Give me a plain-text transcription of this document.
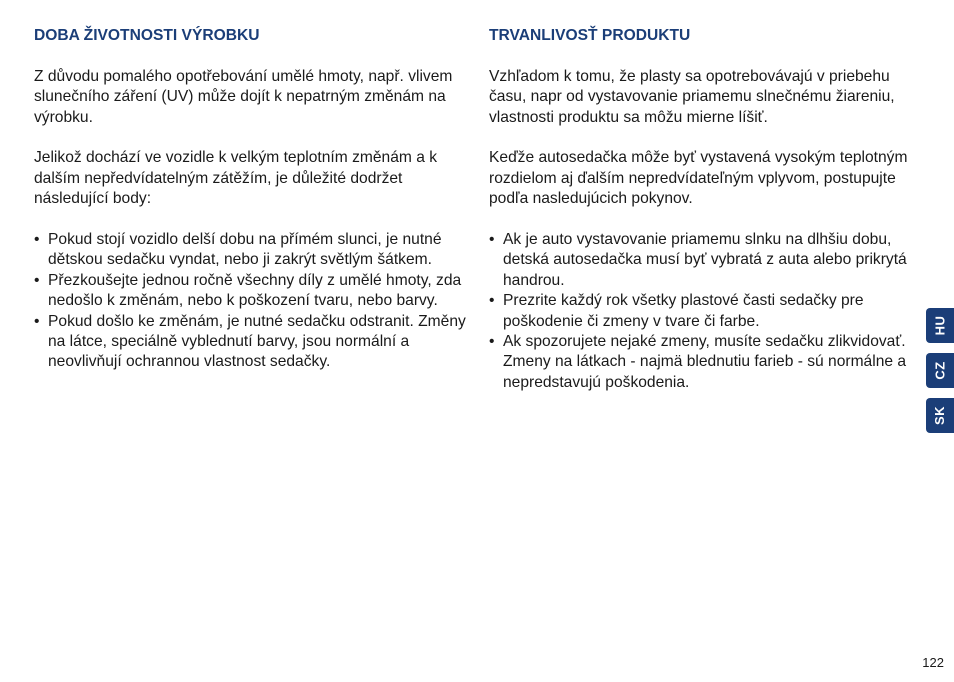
DOBA ŽIVOTNOSTI VÝROBKU
Z důvodu pomalého opotřebování umělé hmoty, např. vlivem slunečního záření (UV) může dojít k nepatrným změnám na výrobku.
Jelikož dochází ve vozidle k velkým teplotním změnám a k dalším nepředvídatelným zátěžím, je důležité dodržet následující body:
• Pokud stojí vozidlo delší dobu na přímém slunci, je nutné dětskou sedačku vyndat, nebo ji zakrýt světlým šátkem.
• Přezkoušejte jednou ročně všechny díly z umělé hmoty, zda nedošlo k změnám, nebo k poškození tvaru, nebo barvy.
• Pokud došlo ke změnám, je nutné sedačku odstranit. Změny na látce, speciálně vyblednutí barvy, jsou normální a neovlivňují ochrannou vlastnost sedačky.
TRVANLIVOSŤ PRODUKTU
Vzhľadom k tomu, že plasty sa opotrebovávajú v priebehu času, napr od vystavovanie priamemu slnečnému žiareniu, vlastnosti produktu sa môžu mierne líšiť.
Keďže autosedačka môže byť vystavená vysokým teplotným rozdielom aj ďalším nepredvídateľným vplyvom, postupujte podľa nasledujúcich pokynov.
• Ak je auto vystavovanie priamemu slnku na dlhšiu dobu, detská autosedačka musí byť vybratá z auta alebo prikrytá handrou.
• Prezrite každý rok všetky plastové časti sedačky pre poškodenie či zmeny v tvare či farbe.
• Ak spozorujete nejaké zmeny, musíte sedačku zlikvidovať. Zmeny na látkach - najmä blednutiu farieb - sú normálne a nepredstavujú poškodenia.
HU
CZ
SK
122
